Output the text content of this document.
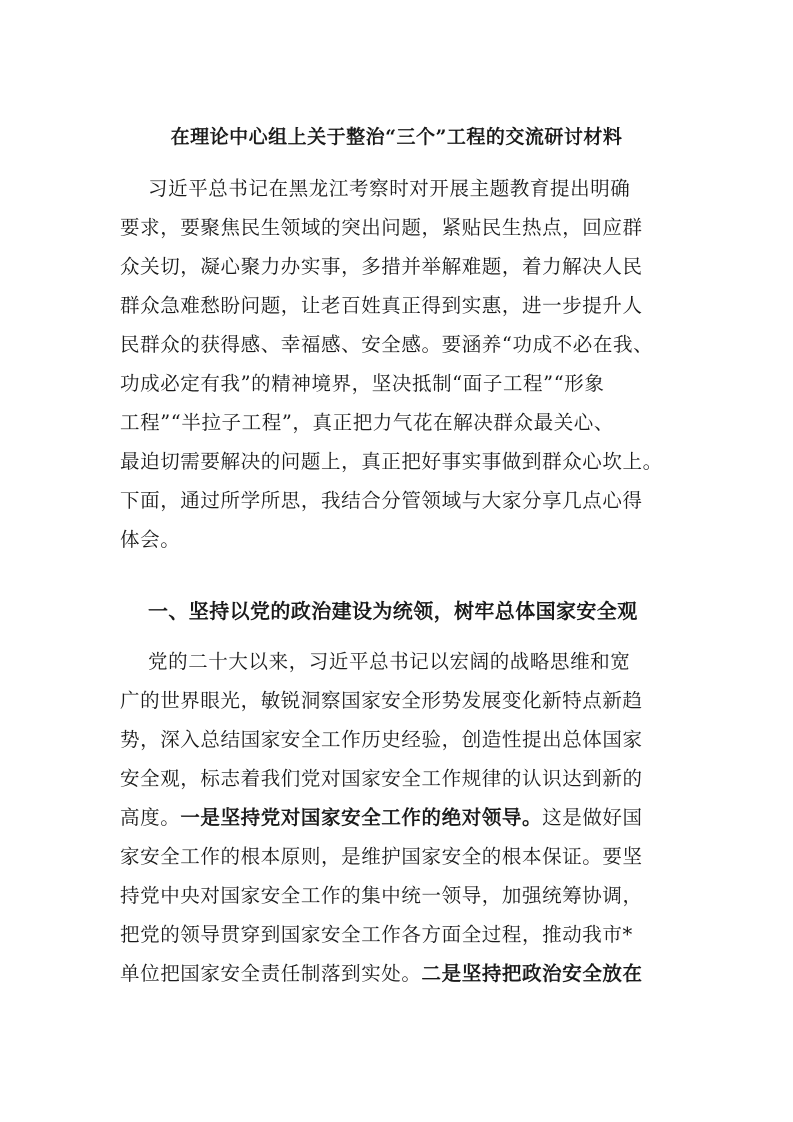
在理论中心组上关于整治“三个”工程的交流研讨材料
习近平总书记在黑龙江考察时对开展主题教育提出明确
要求，要聚焦民生领域的突出问题，紧贴民生热点，回应群
众关切，凝心聚力办实事，多措并举解难题，着力解决人民
群众急难愁盼问题，让老百姓真正得到实惠，进一步提升人
民群众的获得感、幸福感、安全感。要涵养“功成不必在我、
功成必定有我”的精神境界，坚决抵制“面子工程”“形象
工程”“半拉子工程”，真正把力气花在解决群众最关心、
最迫切需要解决的问题上，真正把好事实事做到群众心坎上。
下面，通过所学所思，我结合分管领域与大家分享几点心得
体会。
一、坚持以党的政治建设为统领，树牢总体国家安全观
党的二十大以来，习近平总书记以宏阔的战略思维和宽
广的世界眼光，敏锐洞察国家安全形势发展变化新特点新趋
势，深入总结国家安全工作历史经验，创造性提出总体国家
安全观，标志着我们党对国家安全工作规律的认识达到新的
高度。一是坚持党对国家安全工作的绝对领导。这是做好国
家安全工作的根本原则，是维护国家安全的根本保证。要坚
持党中央对国家安全工作的集中统一领导，加强统筹协调，
把党的领导贯穿到国家安全工作各方面全过程，推动我市*
单位把国家安全责任制落到实处。二是坚持把政治安全放在
